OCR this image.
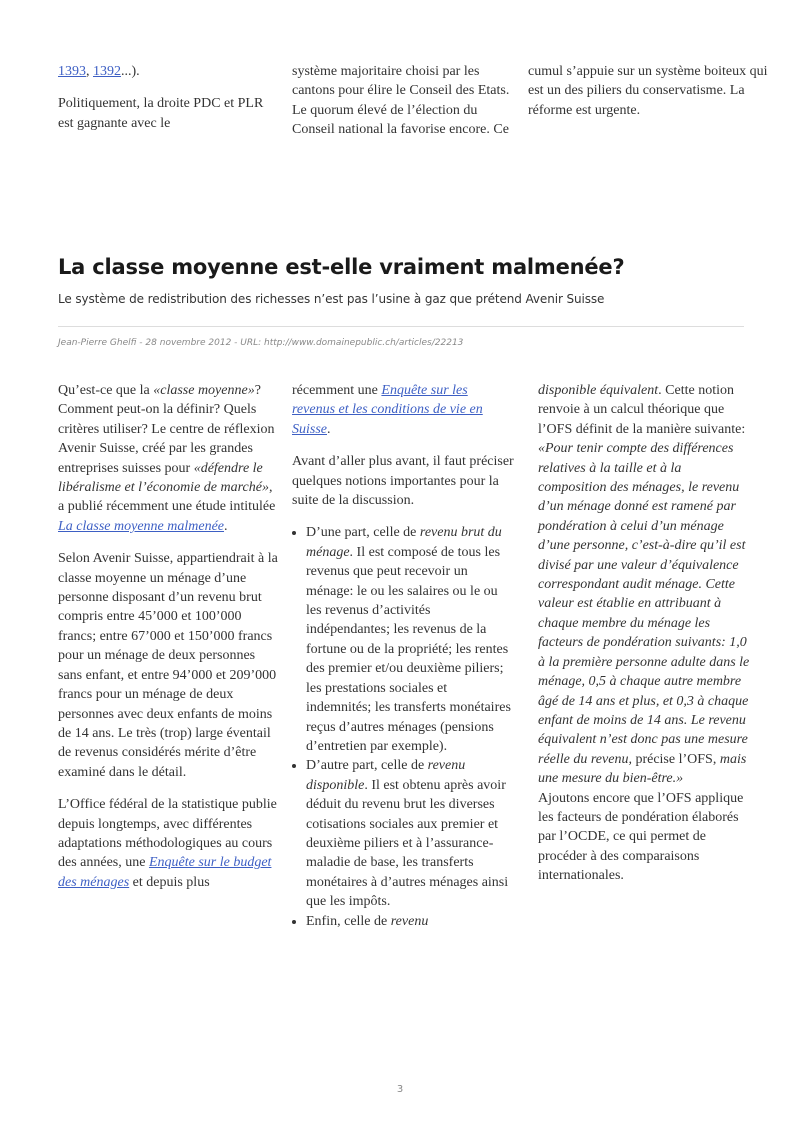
1393, 1392...).

Politiquement, la droite PDC et PLR est gagnante avec le

système majoritaire choisi par les cantons pour élire le Conseil des Etats. Le quorum élevé de l’élection du Conseil national la favorise encore. Ce

cumul s’appuie sur un système boiteux qui est un des piliers du conservatisme. La réforme est urgente.

La classe moyenne est-elle vraiment malmenée?

Le système de redistribution des richesses n’est pas l’usine à gaz que prétend Avenir Suisse

Jean-Pierre Ghelfi - 28 novembre 2012 - URL: http://www.domainepublic.ch/articles/22213

Qu’est-ce que la «classe moyenne»? Comment peut-on la définir? Quels critères utiliser? Le centre de réflexion Avenir Suisse, créé par les grandes entreprises suisses pour «défendre le libéralisme et l’économie de marché», a publié récemment une étude intitulée La classe moyenne malmenée.

Selon Avenir Suisse, appartiendrait à la classe moyenne un ménage d’une personne disposant d’un revenu brut compris entre 45’000 et 100’000 francs; entre 67’000 et 150’000 francs pour un ménage de deux personnes sans enfant, et entre 94’000 et 209’000 francs pour un ménage de deux personnes avec deux enfants de moins de 14 ans. Le très (trop) large éventail de revenus considérés mérite d’être examiné dans le détail.

L’Office fédéral de la statistique publie depuis longtemps, avec différentes adaptations méthodologiques au cours des années, une Enquête sur le budget des ménages et depuis plus

récemment une Enquête sur les revenus et les conditions de vie en Suisse.

Avant d’aller plus avant, il faut préciser quelques notions importantes pour la suite de la discussion.

• D’une part, celle de revenu brut du ménage. Il est composé de tous les revenus que peut recevoir un ménage: le ou les salaires ou le ou les revenus d’activités indépendantes; les revenus de la fortune ou de la propriété; les rentes des premier et/ou deuxième piliers; les prestations sociales et indemnités; les transferts monétaires reçus d’autres ménages (pensions d’entretien par exemple).
• D’autre part, celle de revenu disponible. Il est obtenu après avoir déduit du revenu brut les diverses cotisations sociales aux premier et deuxième piliers et à l’assurance-maladie de base, les transferts monétaires à d’autres ménages ainsi que les impôts.
• Enfin, celle de revenu

disponible équivalent. Cette notion renvoie à un calcul théorique que l’OFS définit de la manière suivante: «Pour tenir compte des différences relatives à la taille et à la composition des ménages, le revenu d’un ménage donné est ramené par pondération à celui d’un ménage d’une personne, c’est-à-dire qu’il est divisé par une valeur d’équivalence correspondant audit ménage. Cette valeur est établie en attribuant à chaque membre du ménage les facteurs de pondération suivants: 1,0 à la première personne adulte dans le ménage, 0,5 à chaque autre membre âgé de 14 ans et plus, et 0,3 à chaque enfant de moins de 14 ans. Le revenu équivalent n’est donc pas une mesure réelle du revenu, précise l’OFS, mais une mesure du bien-être.»
Ajoutons encore que l’OFS applique les facteurs de pondération élaborés par l’OCDE, ce qui permet de procéder à des comparaisons internationales.

3
